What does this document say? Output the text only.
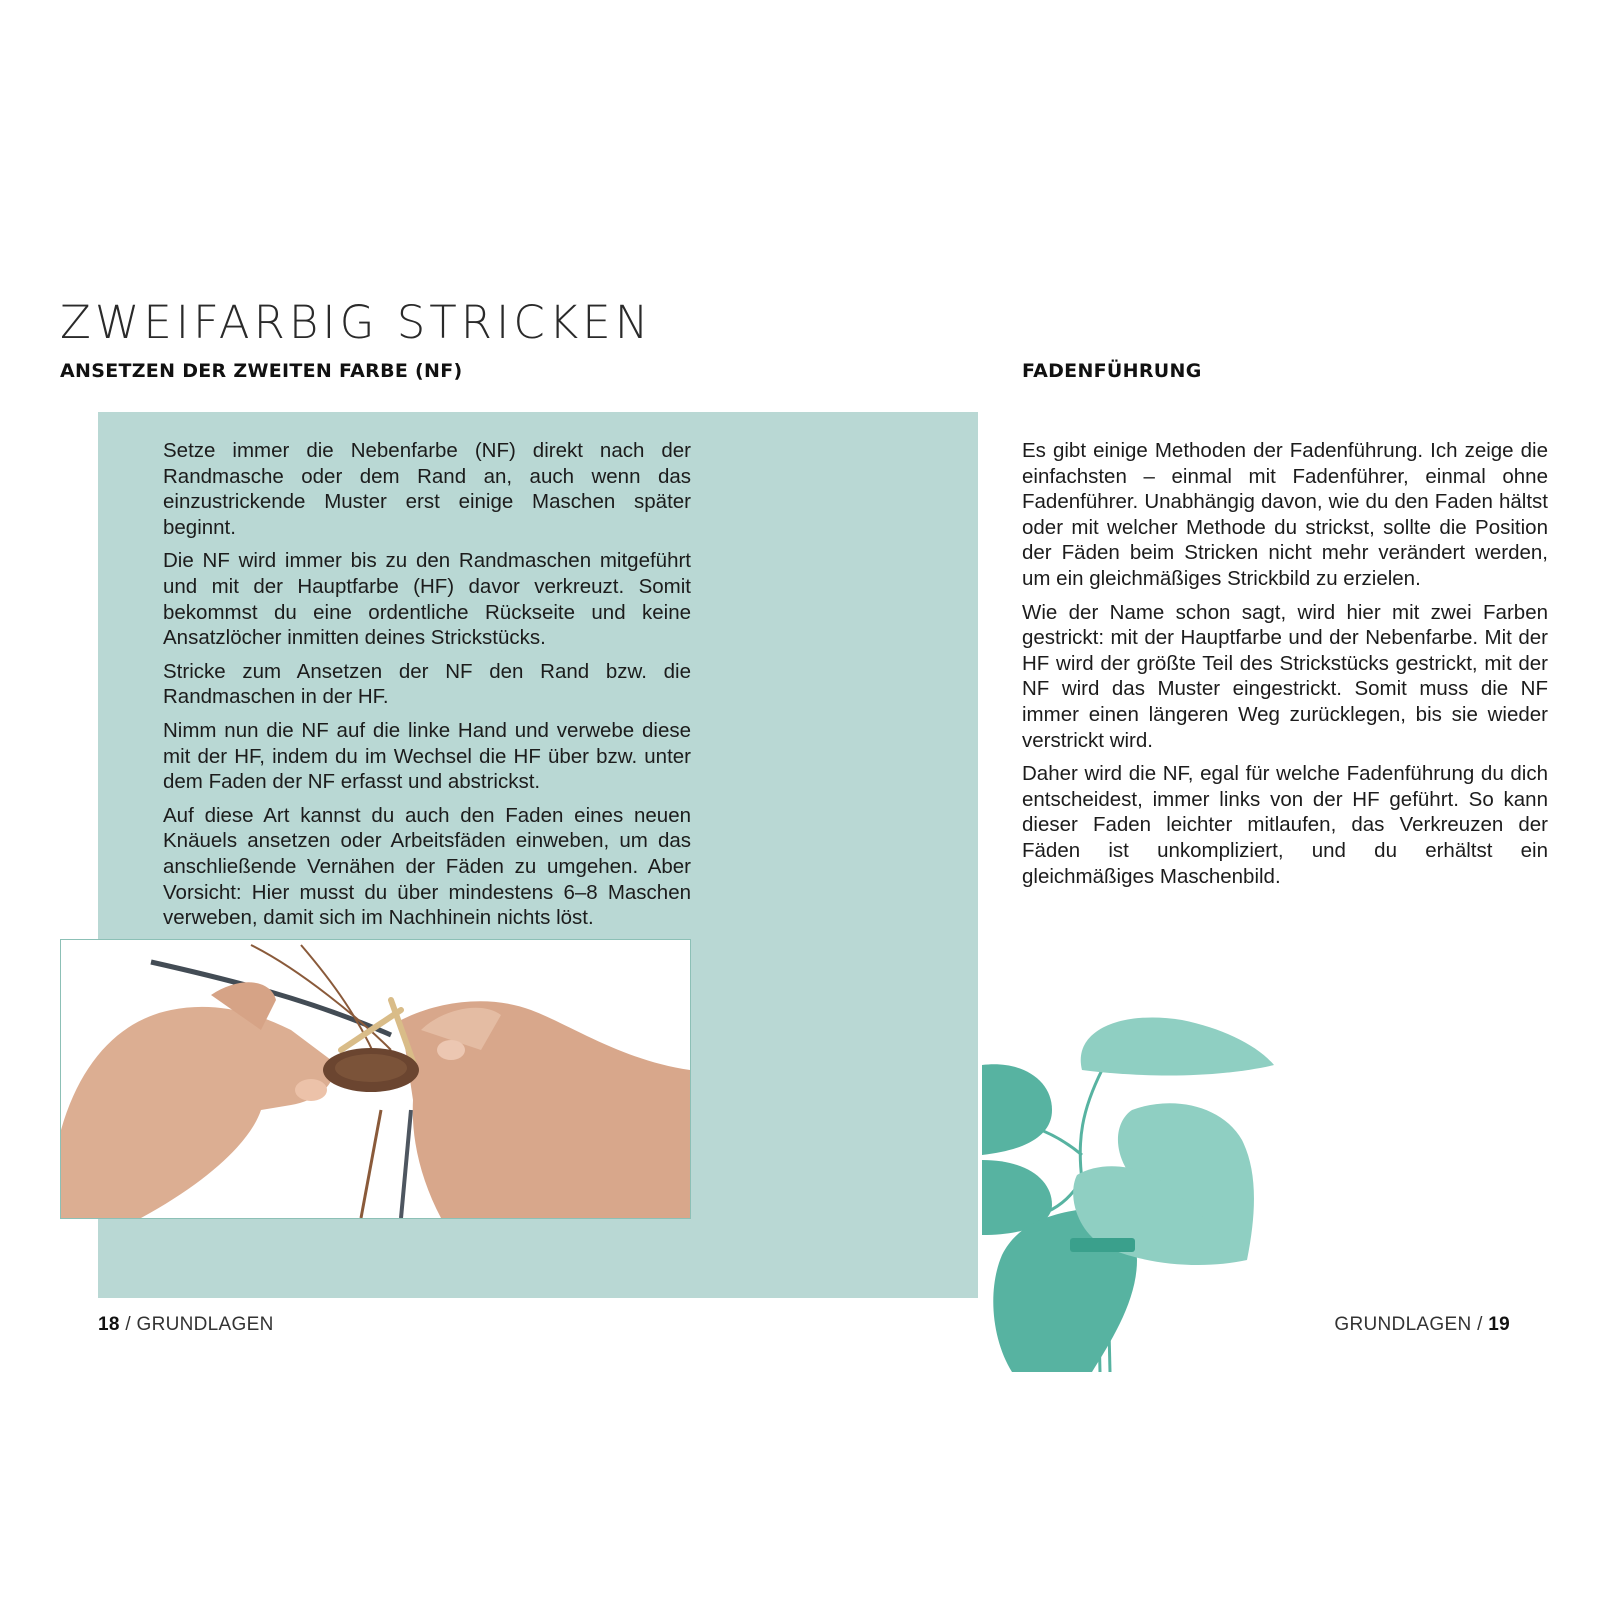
ZWEIFARBIG STRICKEN
ANSETZEN DER ZWEITEN FARBE (NF)	FADENFÜHRUNG

Setze immer die Nebenfarbe (NF) direkt nach der Randmasche oder dem Rand an, auch wenn das einzustrickende Muster erst einige Maschen später beginnt.

Die NF wird immer bis zu den Randmaschen mitgeführt und mit der Hauptfarbe (HF) davor verkreuzt. Somit bekommst du eine ordentliche Rückseite und keine Ansatzlöcher inmitten deines Strickstücks.

Stricke zum Ansetzen der NF den Rand bzw. die Randmaschen in der HF.

Nimm nun die NF auf die linke Hand und verwebe diese mit der HF, indem du im Wechsel die HF über bzw. unter dem Faden der NF erfasst und abstrickst.

Auf diese Art kannst du auch den Faden eines neuen Knäuels ansetzen oder Arbeitsfäden einweben, um das anschließende Vernähen der Fäden zu umgehen. Aber Vorsicht: Hier musst du über mindestens 6–8 Maschen verweben, damit sich im Nachhinein nichts löst.

Es gibt einige Methoden der Fadenführung. Ich zeige die einfachsten – einmal mit Fadenführer, einmal ohne Fadenführer. Unabhängig davon, wie du den Faden hältst oder mit welcher Methode du strickst, sollte die Position der Fäden beim Stricken nicht mehr verändert werden, um ein gleichmäßiges Strickbild zu erzielen.

Wie der Name schon sagt, wird hier mit zwei Farben gestrickt: mit der Hauptfarbe und der Nebenfarbe. Mit der HF wird der größte Teil des Strickstücks gestrickt, mit der NF wird das Muster eingestrickt. Somit muss die NF immer einen längeren Weg zurücklegen, bis sie wieder verstrickt wird.

Daher wird die NF, egal für welche Fadenführung du dich entscheidest, immer links von der HF geführt. So kann dieser Faden leichter mitlaufen, das Verkreuzen der Fäden ist unkompliziert, und du erhältst ein gleichmäßiges Maschenbild.

18 / GRUNDLAGEN	GRUNDLAGEN / 19
